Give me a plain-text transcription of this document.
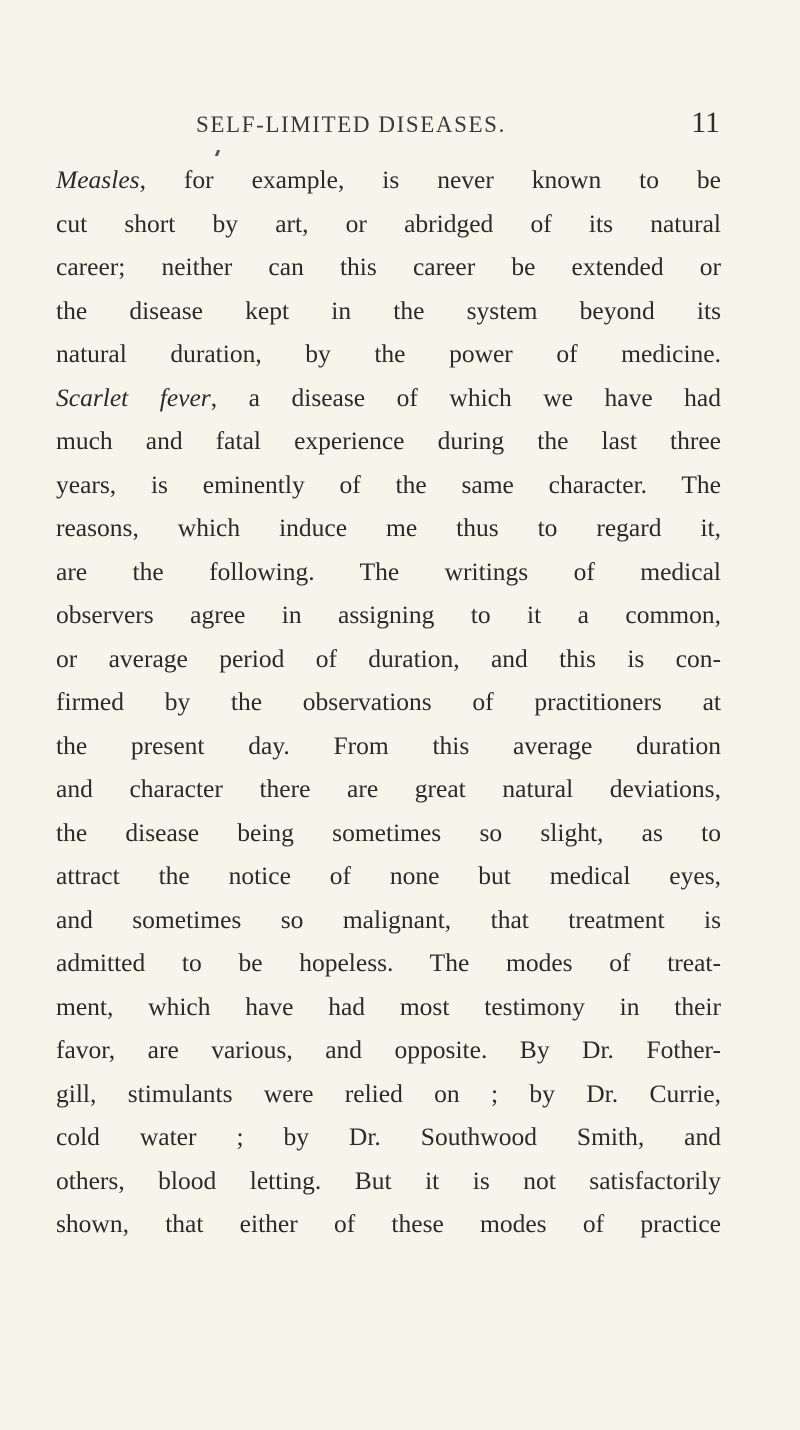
SELF-LIMITED DISEASES.	11
Measles, for example, is never known to be
cut short by art, or abridged of its natural
career; neither can this career be extended or
the disease kept in the system beyond its
natural duration, by the power of medicine.
Scarlet fever, a disease of which we have had
much and fatal experience during the last three
years, is eminently of the same character. The
reasons, which induce me thus to regard it,
are the following. The writings of medical
observers agree in assigning to it a common,
or average period of duration, and this is con-
firmed by the observations of practitioners at
the present day. From this average duration
and character there are great natural deviations,
the disease being sometimes so slight, as to
attract the notice of none but medical eyes,
and sometimes so malignant, that treatment is
admitted to be hopeless. The modes of treat-
ment, which have had most testimony in their
favor, are various, and opposite. By Dr. Fother-
gill, stimulants were relied on ; by Dr. Currie,
cold water ; by Dr. Southwood Smith, and
others, blood letting. But it is not satisfactorily
shown, that either of these modes of practice
